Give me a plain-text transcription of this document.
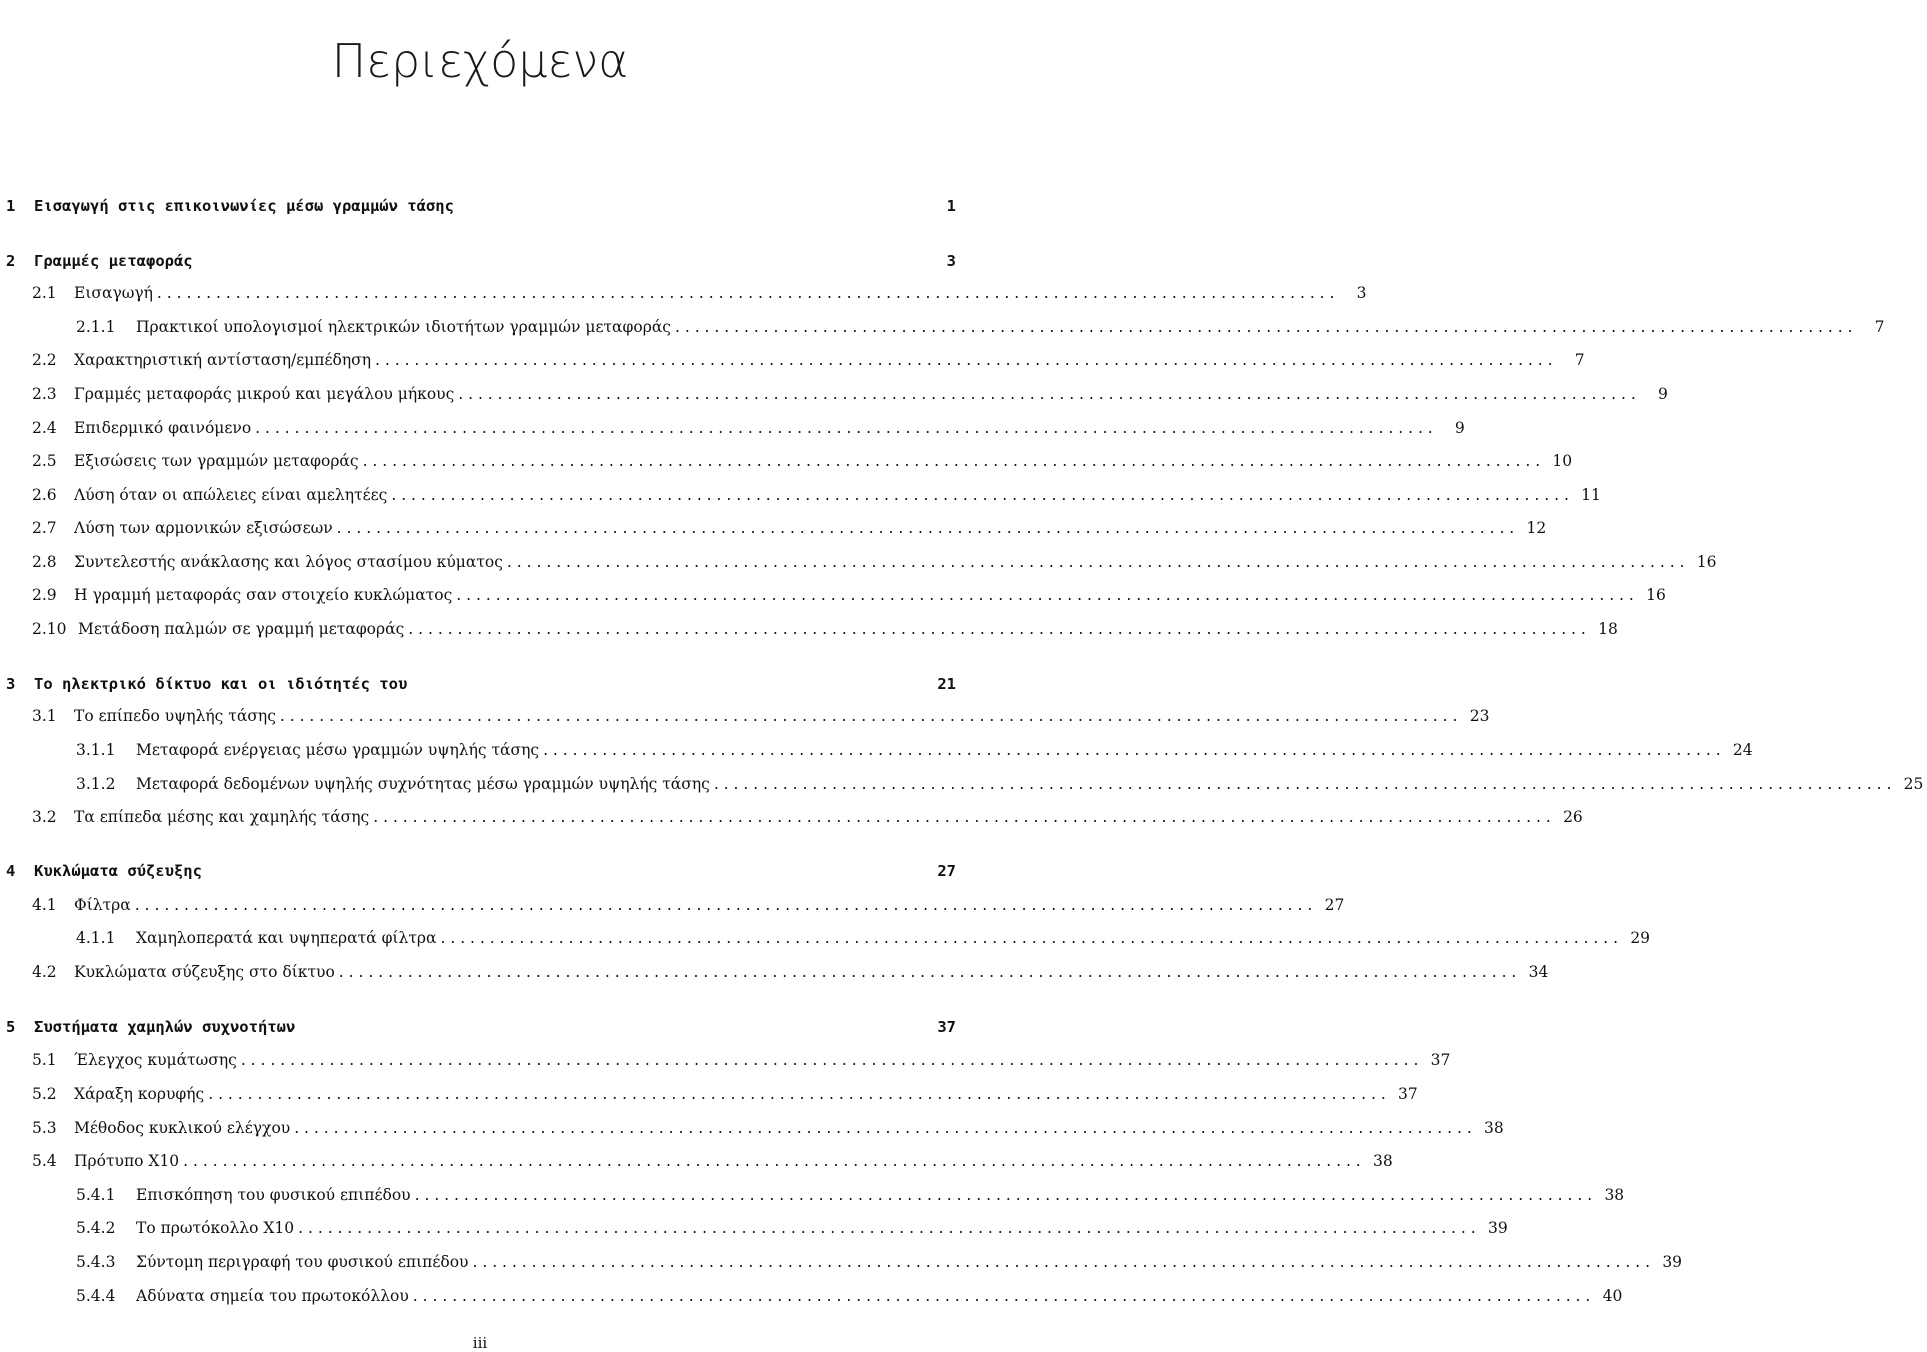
Περιεχόμενα
1	Εισαγωγή στις επικοινωνίες μέσω γραμμών τάσης	1
2	Γραμμές μεταφοράς	3
2.1	Εισαγωγή . . . . . . . . . . . . . . . . . . . . . . . . . . . . . . . . . . . . . . . . . . . . . . . . . . . . . . . . . . . . . . . . . . . . . . . . . . . . . . . . . . . . . . . . . . . . . . . . . . . . . . . . . . . . . . . . . . . . . . . .	3
2.1.1	Πρακτικοί υπολογισμοί ηλεκτρικών ιδιοτήτων γραμμών μεταφοράς . . . . . . . . . . . . . . . . . . . . . . . . . . . . . . . . . . . . . . . . . . . . . . . . . . . . . . . . . . . . . . . . . . . . . . . . . . . . . . . . . . . . . . . . . . . . . . . . . . . . . . . . . . . . . . . . . . . . . . . .	7
2.2	Χαρακτηριστική αντίσταση/εμπέδηση . . . . . . . . . . . . . . . . . . . . . . . . . . . . . . . . . . . . . . . . . . . . . . . . . . . . . . . . . . . . . . . . . . . . . . . . . . . . . . . . . . . . . . . . . . . . . . . . . . . . . . . . . . . . . . . . . . . . . . . .	7
2.3	Γραμμές μεταφοράς μικρού και μεγάλου μήκους . . . . . . . . . . . . . . . . . . . . . . . . . . . . . . . . . . . . . . . . . . . . . . . . . . . . . . . . . . . . . . . . . . . . . . . . . . . . . . . . . . . . . . . . . . . . . . . . . . . . . . . . . . . . . . . . . . . . . . . .	9
2.4	Επιδερμικό φαινόμενο . . . . . . . . . . . . . . . . . . . . . . . . . . . . . . . . . . . . . . . . . . . . . . . . . . . . . . . . . . . . . . . . . . . . . . . . . . . . . . . . . . . . . . . . . . . . . . . . . . . . . . . . . . . . . . . . . . . . . . . .	9
2.5	Εξισώσεις των γραμμών μεταφοράς . . . . . . . . . . . . . . . . . . . . . . . . . . . . . . . . . . . . . . . . . . . . . . . . . . . . . . . . . . . . . . . . . . . . . . . . . . . . . . . . . . . . . . . . . . . . . . . . . . . . . . . . . . . . . . . . . . . . . . . . 10
2.6	Λύση όταν οι απώλειες είναι αμελητέες . . . . . . . . . . . . . . . . . . . . . . . . . . . . . . . . . . . . . . . . . . . . . . . . . . . . . . . . . . . . . . . . . . . . . . . . . . . . . . . . . . . . . . . . . . . . . . . . . . . . . . . . . . . . . . . . . . . . . . . . 11
2.7	Λύση των αρμονικών εξισώσεων . . . . . . . . . . . . . . . . . . . . . . . . . . . . . . . . . . . . . . . . . . . . . . . . . . . . . . . . . . . . . . . . . . . . . . . . . . . . . . . . . . . . . . . . . . . . . . . . . . . . . . . . . . . . . . . . . . . . . . . . 12
2.8	Συντελεστής ανάκλασης και λόγος στασίμου κύματος . . . . . . . . . . . . . . . . . . . . . . . . . . . . . . . . . . . . . . . . . . . . . . . . . . . . . . . . . . . . . . . . . . . . . . . . . . . . . . . . . . . . . . . . . . . . . . . . . . . . . . . . . . . . . . . . . . . . . . . . 16
2.9	Η γραμμή μεταφοράς σαν στοιχείο κυκλώματος . . . . . . . . . . . . . . . . . . . . . . . . . . . . . . . . . . . . . . . . . . . . . . . . . . . . . . . . . . . . . . . . . . . . . . . . . . . . . . . . . . . . . . . . . . . . . . . . . . . . . . . . . . . . . . . . . . . . . . . . 16
2.10 Μετάδοση παλμών σε γραμμή μεταφοράς . . . . . . . . . . . . . . . . . . . . . . . . . . . . . . . . . . . . . . . . . . . . . . . . . . . . . . . . . . . . . . . . . . . . . . . . . . . . . . . . . . . . . . . . . . . . . . . . . . . . . . . . . . . . . . . . . . . . . . . . 18
3	Το ηλεκτρικό δίκτυο και οι ιδιότητές του	21
3.1	Το επίπεδο υψηλής τάσης . . . . . . . . . . . . . . . . . . . . . . . . . . . . . . . . . . . . . . . . . . . . . . . . . . . . . . . . . . . . . . . . . . . . . . . . . . . . . . . . . . . . . . . . . . . . . . . . . . . . . . . . . . . . . . . . . . . . . . . . 23
3.1.1	Μεταφορά ενέργειας μέσω γραμμών υψηλής τάσης . . . . . . . . . . . . . . . . . . . . . . . . . . . . . . . . . . . . . . . . . . . . . . . . . . . . . . . . . . . . . . . . . . . . . . . . . . . . . . . . . . . . . . . . . . . . . . . . . . . . . . . . . . . . . . . . . . . . . . . . 24
3.1.2	Μεταφορά δεδομένων υψηλής συχνότητας μέσω γραμμών υψηλής τάσης . . . . . . . . . . . . . . . . . . . . . . . . . . . . . . . . . . . . . . . . . . . . . . . . . . . . . . . . . . . . . . . . . . . . . . . . . . . . . . . . . . . . . . . . . . . . . . . . . . . . . . . . . . . . . . . . . . . . . . . . 25
3.2	Τα επίπεδα μέσης και χαμηλής τάσης . . . . . . . . . . . . . . . . . . . . . . . . . . . . . . . . . . . . . . . . . . . . . . . . . . . . . . . . . . . . . . . . . . . . . . . . . . . . . . . . . . . . . . . . . . . . . . . . . . . . . . . . . . . . . . . . . . . . . . . . 26
4	Κυκλώματα σύζευξης	27
4.1	Φίλτρα . . . . . . . . . . . . . . . . . . . . . . . . . . . . . . . . . . . . . . . . . . . . . . . . . . . . . . . . . . . . . . . . . . . . . . . . . . . . . . . . . . . . . . . . . . . . . . . . . . . . . . . . . . . . . . . . . . . . . . . . 27
4.1.1	Χαμηλοπερατά και υψηπερατά φίλτρα . . . . . . . . . . . . . . . . . . . . . . . . . . . . . . . . . . . . . . . . . . . . . . . . . . . . . . . . . . . . . . . . . . . . . . . . . . . . . . . . . . . . . . . . . . . . . . . . . . . . . . . . . . . . . . . . . . . . . . . . 29
4.2	Κυκλώματα σύζευξης στο δίκτυο . . . . . . . . . . . . . . . . . . . . . . . . . . . . . . . . . . . . . . . . . . . . . . . . . . . . . . . . . . . . . . . . . . . . . . . . . . . . . . . . . . . . . . . . . . . . . . . . . . . . . . . . . . . . . . . . . . . . . . . . 34
5	Συστήματα χαμηλών συχνοτήτων	37
5.1	Έλεγχος κυμάτωσης . . . . . . . . . . . . . . . . . . . . . . . . . . . . . . . . . . . . . . . . . . . . . . . . . . . . . . . . . . . . . . . . . . . . . . . . . . . . . . . . . . . . . . . . . . . . . . . . . . . . . . . . . . . . . . . . . . . . . . . . 37
5.2	Χάραξη κορυφής . . . . . . . . . . . . . . . . . . . . . . . . . . . . . . . . . . . . . . . . . . . . . . . . . . . . . . . . . . . . . . . . . . . . . . . . . . . . . . . . . . . . . . . . . . . . . . . . . . . . . . . . . . . . . . . . . . . . . . . . 37
5.3	Μέθοδος κυκλικού ελέγχου . . . . . . . . . . . . . . . . . . . . . . . . . . . . . . . . . . . . . . . . . . . . . . . . . . . . . . . . . . . . . . . . . . . . . . . . . . . . . . . . . . . . . . . . . . . . . . . . . . . . . . . . . . . . . . . . . . . . . . . . 38
5.4	Πρότυπο X10 . . . . . . . . . . . . . . . . . . . . . . . . . . . . . . . . . . . . . . . . . . . . . . . . . . . . . . . . . . . . . . . . . . . . . . . . . . . . . . . . . . . . . . . . . . . . . . . . . . . . . . . . . . . . . . . . . . . . . . . . 38
5.4.1	Επισκόπηση του φυσικού επιπέδου . . . . . . . . . . . . . . . . . . . . . . . . . . . . . . . . . . . . . . . . . . . . . . . . . . . . . . . . . . . . . . . . . . . . . . . . . . . . . . . . . . . . . . . . . . . . . . . . . . . . . . . . . . . . . . . . . . . . . . . . 38
5.4.2	Το πρωτόκολλο X10 . . . . . . . . . . . . . . . . . . . . . . . . . . . . . . . . . . . . . . . . . . . . . . . . . . . . . . . . . . . . . . . . . . . . . . . . . . . . . . . . . . . . . . . . . . . . . . . . . . . . . . . . . . . . . . . . . . . . . . . . 39
5.4.3	Σύντομη περιγραφή του φυσικού επιπέδου . . . . . . . . . . . . . . . . . . . . . . . . . . . . . . . . . . . . . . . . . . . . . . . . . . . . . . . . . . . . . . . . . . . . . . . . . . . . . . . . . . . . . . . . . . . . . . . . . . . . . . . . . . . . . . . . . . . . . . . . 39
5.4.4	Αδύνατα σημεία του πρωτοκόλλου . . . . . . . . . . . . . . . . . . . . . . . . . . . . . . . . . . . . . . . . . . . . . . . . . . . . . . . . . . . . . . . . . . . . . . . . . . . . . . . . . . . . . . . . . . . . . . . . . . . . . . . . . . . . . . . . . . . . . . . . 40
iii
